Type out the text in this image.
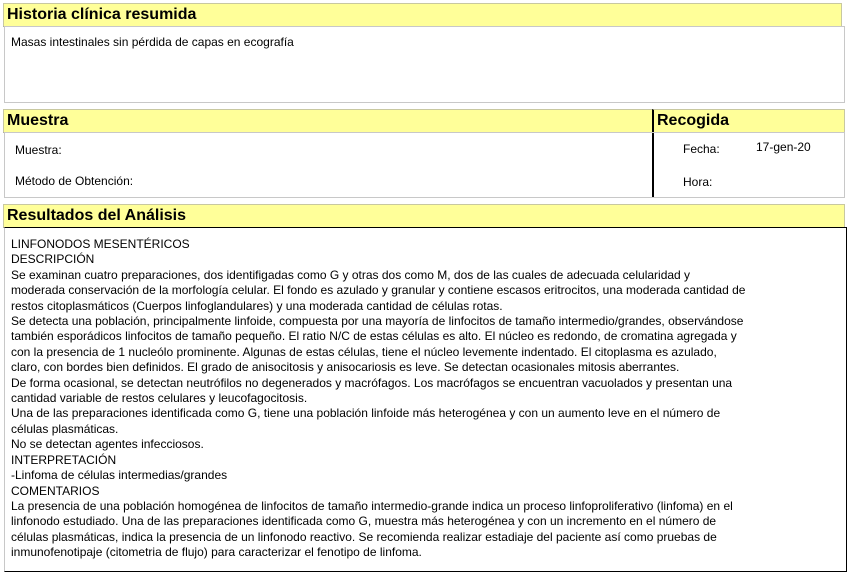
Historia clínica resumida
Masas intestinales sin pérdida de capas en ecografía
Muestra	Recogida
Muestra:
Método de Obtención:
Fecha:	17-gen-20
Hora:
Resultados del Análisis
LINFONODOS MESENTÉRICOS
DESCRIPCIÓN
Se examinan cuatro preparaciones, dos identifigadas como G y otras dos como M, dos de las cuales de adecuada celularidad y
moderada conservación de la morfología celular. El fondo es azulado y granular y contiene escasos eritrocitos, una moderada cantidad de
restos citoplasmáticos (Cuerpos linfoglandulares) y una moderada cantidad de células rotas.
Se detecta una población, principalmente linfoide, compuesta por una mayoría de linfocitos de tamaño intermedio/grandes, observándose
también esporádicos linfocitos de tamaño pequeño. El ratio N/C de estas células es alto. El núcleo es redondo, de cromatina agregada y
con la presencia de 1 nucleólo prominente. Algunas de estas células, tiene el núcleo levemente indentado. El citoplasma es azulado,
claro, con bordes bien definidos. El grado de anisocitosis y anisocariosis es leve. Se detectan ocasionales mitosis aberrantes.
De forma ocasional, se detectan neutrófilos no degenerados y macrófagos. Los macrófagos se encuentran vacuolados y presentan una
cantidad variable de restos celulares y leucofagocitosis.
Una de las preparaciones identificada como G, tiene una población linfoide más heterogénea y con un aumento leve en el número de
células plasmáticas.
No se detectan agentes infecciosos.
INTERPRETACIÓN
-Linfoma de células intermedias/grandes
COMENTARIOS
La presencia de una población homogénea de linfocitos de tamaño intermedio-grande indica un proceso linfoproliferativo (linfoma) en el
linfonodo estudiado. Una de las preparaciones identificada como G, muestra más heterogénea y con un incremento en el número de
células plasmáticas, indica la presencia de un linfonodo reactivo. Se recomienda realizar estadiaje del paciente así como pruebas de
inmunofenotipaje (citometria de flujo) para caracterizar el fenotipo de linfoma.
